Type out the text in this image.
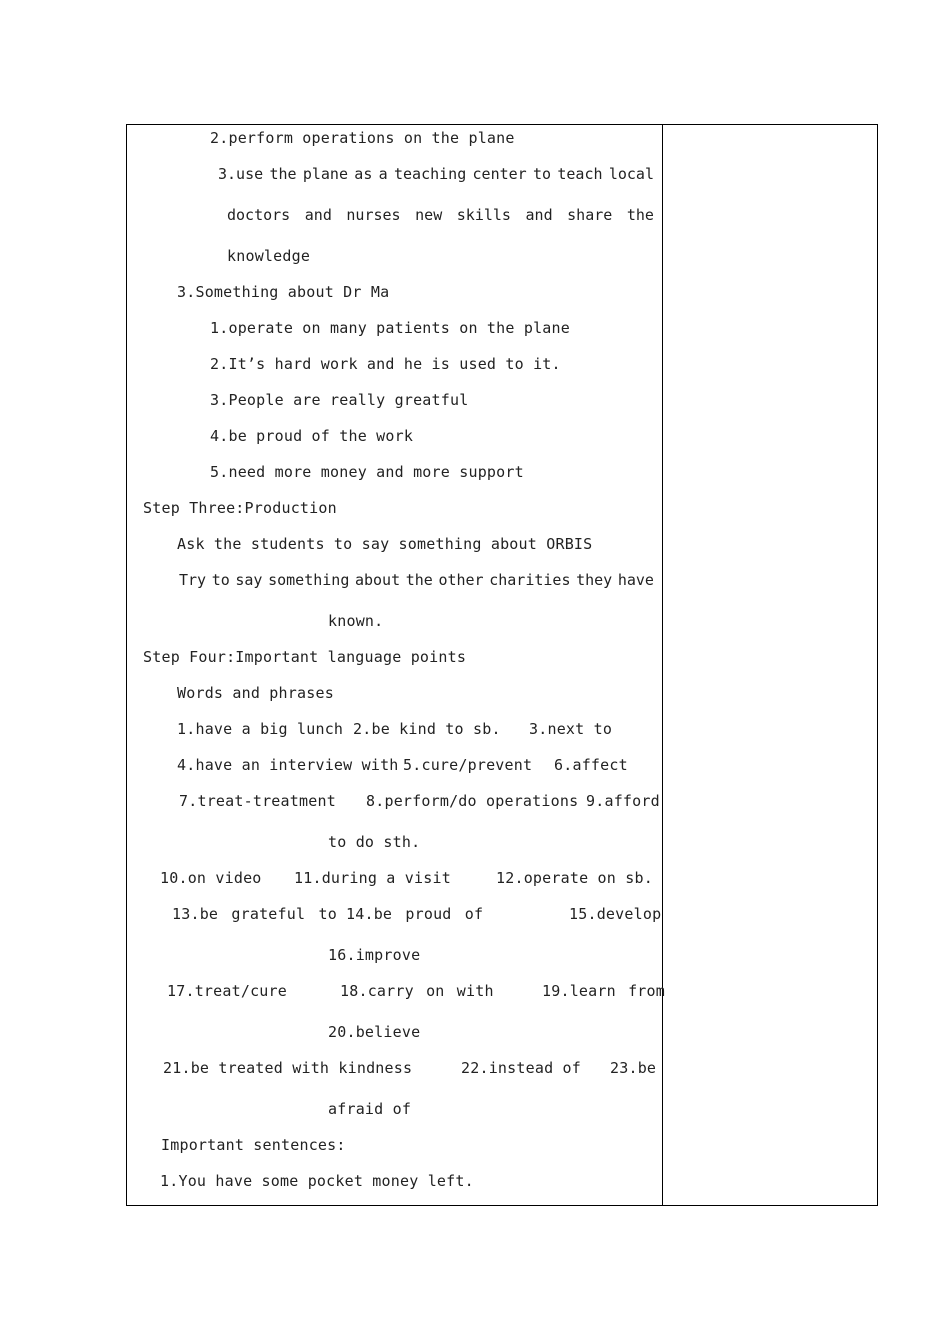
2.perform operations on the plane
3.use the plane as a teaching center to teach local
doctors and nurses new skills and share the
knowledge
3.Something about Dr Ma
1.operate on many patients on the plane
2.It’s hard work and he is used to it.
3.People are really greatful
4.be proud of the work
5.need more money and more support
Step Three:Production
Ask the students to say something about ORBIS
Try to say something about the other charities they have
known.
Step Four:Important language points
Words and phrases
1.have a big lunch 2.be kind to sb. 3.next to
4.have an interview with 5.cure/prevent 6.affect
7.treat-treatment 8.perform/do operations 9.afford
to do sth.
10.on video 11.during a visit	12.operate on sb.
13.be grateful to 14.be proud of	15.develop
16.improve
17.treat/cure	18.carry on with	19.learn from
20.believe
21.be treated with kindness	22.instead of 23.be
afraid of
Important sentences:
1.You have some pocket money left.
